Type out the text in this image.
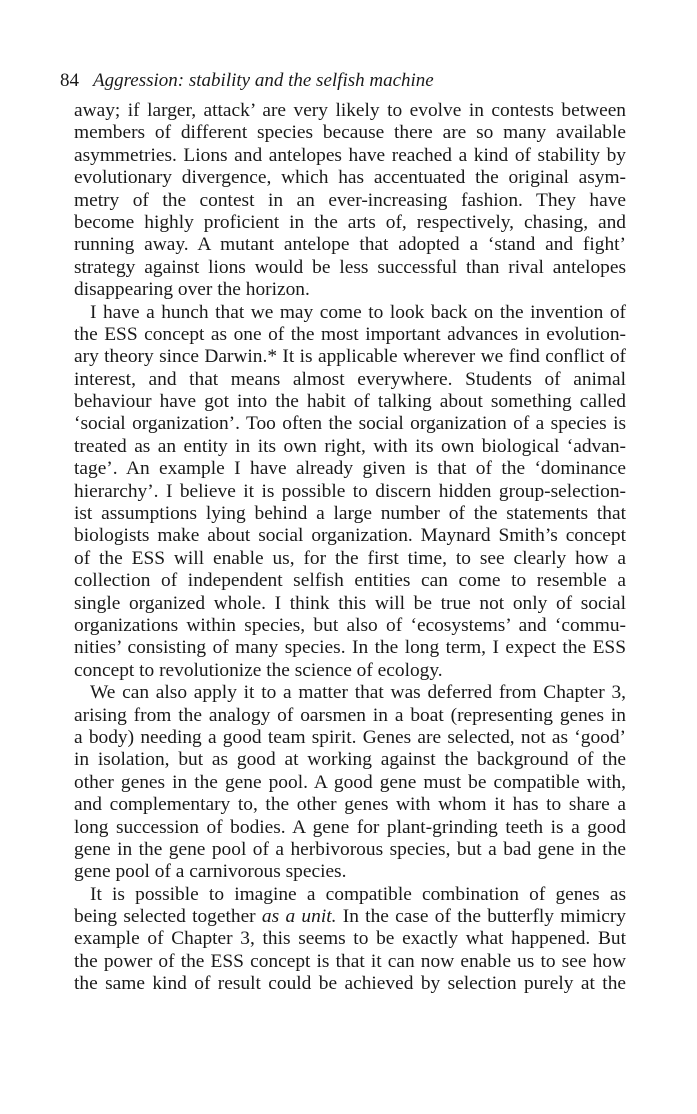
84 Aggression: stability and the selfish machine
away; if larger, attack’ are very likely to evolve in contests between
members of different species because there are so many available
asymmetries. Lions and antelopes have reached a kind of stability by
evolutionary divergence, which has accentuated the original asym-
metry of the contest in an ever-increasing fashion. They have
become highly proficient in the arts of, respectively, chasing, and
running away. A mutant antelope that adopted a ‘stand and fight’
strategy against lions would be less successful than rival antelopes
disappearing over the horizon.
I have a hunch that we may come to look back on the invention of
the ESS concept as one of the most important advances in evolution-
ary theory since Darwin.* It is applicable wherever we find conflict of
interest, and that means almost everywhere. Students of animal
behaviour have got into the habit of talking about something called
‘social organization’. Too often the social organization of a species is
treated as an entity in its own right, with its own biological ‘advan-
tage’. An example I have already given is that of the ‘dominance
hierarchy’. I believe it is possible to discern hidden group-selection-
ist assumptions lying behind a large number of the statements that
biologists make about social organization. Maynard Smith’s concept
of the ESS will enable us, for the first time, to see clearly how a
collection of independent selfish entities can come to resemble a
single organized whole. I think this will be true not only of social
organizations within species, but also of ‘ecosystems’ and ‘commu-
nities’ consisting of many species. In the long term, I expect the ESS
concept to revolutionize the science of ecology.
We can also apply it to a matter that was deferred from Chapter 3,
arising from the analogy of oarsmen in a boat (representing genes in
a body) needing a good team spirit. Genes are selected, not as ‘good’
in isolation, but as good at working against the background of the
other genes in the gene pool. A good gene must be compatible with,
and complementary to, the other genes with whom it has to share a
long succession of bodies. A gene for plant-grinding teeth is a good
gene in the gene pool of a herbivorous species, but a bad gene in the
gene pool of a carnivorous species.
It is possible to imagine a compatible combination of genes as
being selected together as a unit. In the case of the butterfly mimicry
example of Chapter 3, this seems to be exactly what happened. But
the power of the ESS concept is that it can now enable us to see how
the same kind of result could be achieved by selection purely at the
